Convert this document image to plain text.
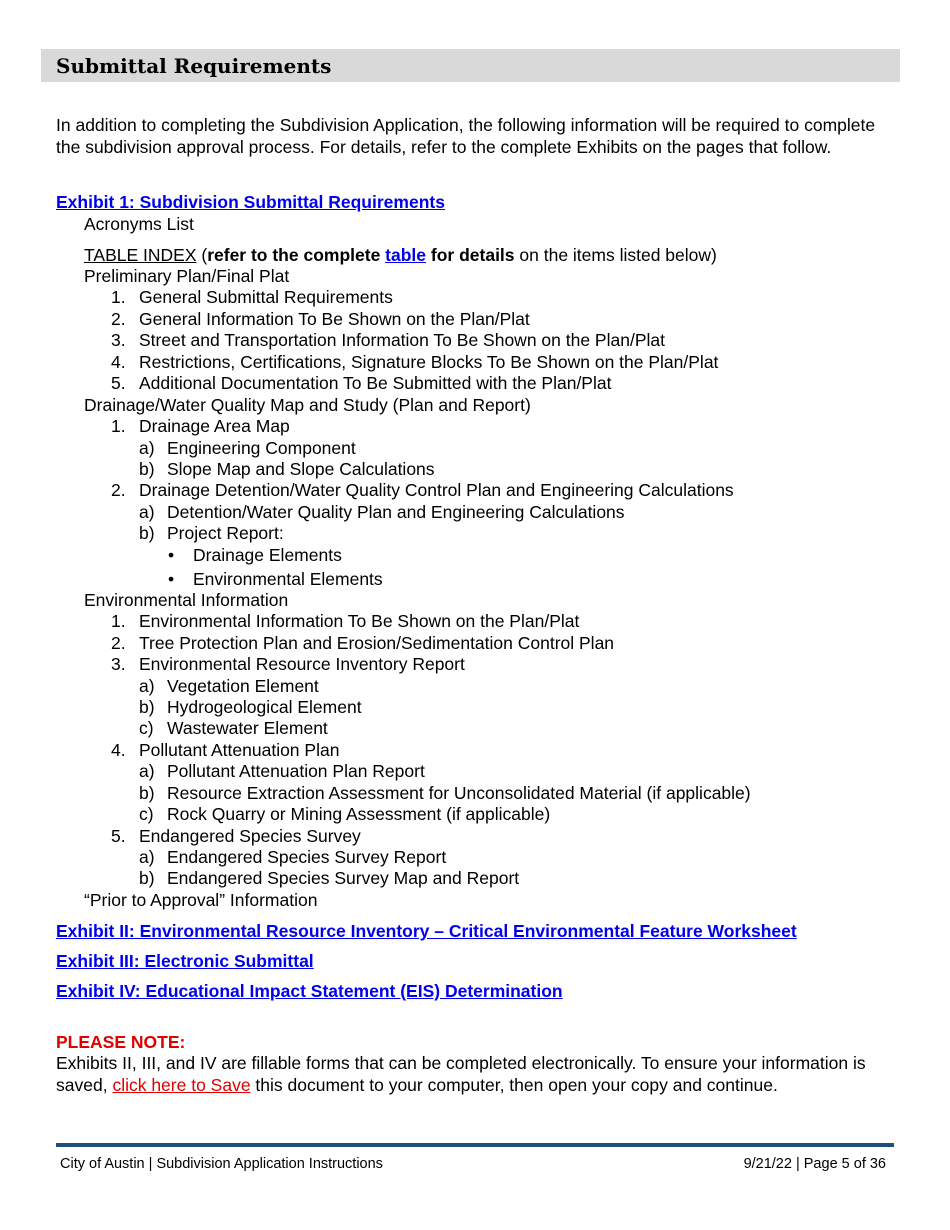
Submittal Requirements

In addition to completing the Subdivision Application, the following information will be required to complete the subdivision approval process. For details, refer to the complete Exhibits on the pages that follow.

Exhibit 1: Subdivision Submittal Requirements
Acronyms List
TABLE INDEX (refer to the complete table for details on the items listed below)
Preliminary Plan/Final Plat
1. General Submittal Requirements
2. General Information To Be Shown on the Plan/Plat
3. Street and Transportation Information To Be Shown on the Plan/Plat
4. Restrictions, Certifications, Signature Blocks To Be Shown on the Plan/Plat
5. Additional Documentation To Be Submitted with the Plan/Plat
Drainage/Water Quality Map and Study (Plan and Report)
1. Drainage Area Map
a) Engineering Component
b) Slope Map and Slope Calculations
2. Drainage Detention/Water Quality Control Plan and Engineering Calculations
a) Detention/Water Quality Plan and Engineering Calculations
b) Project Report:
• Drainage Elements
• Environmental Elements
Environmental Information
1. Environmental Information To Be Shown on the Plan/Plat
2. Tree Protection Plan and Erosion/Sedimentation Control Plan
3. Environmental Resource Inventory Report
a) Vegetation Element
b) Hydrogeological Element
c) Wastewater Element
4. Pollutant Attenuation Plan
a) Pollutant Attenuation Plan Report
b) Resource Extraction Assessment for Unconsolidated Material (if applicable)
c) Rock Quarry or Mining Assessment (if applicable)
5. Endangered Species Survey
a) Endangered Species Survey Report
b) Endangered Species Survey Map and Report
“Prior to Approval” Information
Exhibit II: Environmental Resource Inventory – Critical Environmental Feature Worksheet
Exhibit III: Electronic Submittal
Exhibit IV: Educational Impact Statement (EIS) Determination
PLEASE NOTE:

Exhibits II, III, and IV are fillable forms that can be completed electronically. To ensure your information is saved, click here to Save this document to your computer, then open your copy and continue.

City of Austin | Subdivision Application Instructions	9/21/22 | Page 5 of 36
